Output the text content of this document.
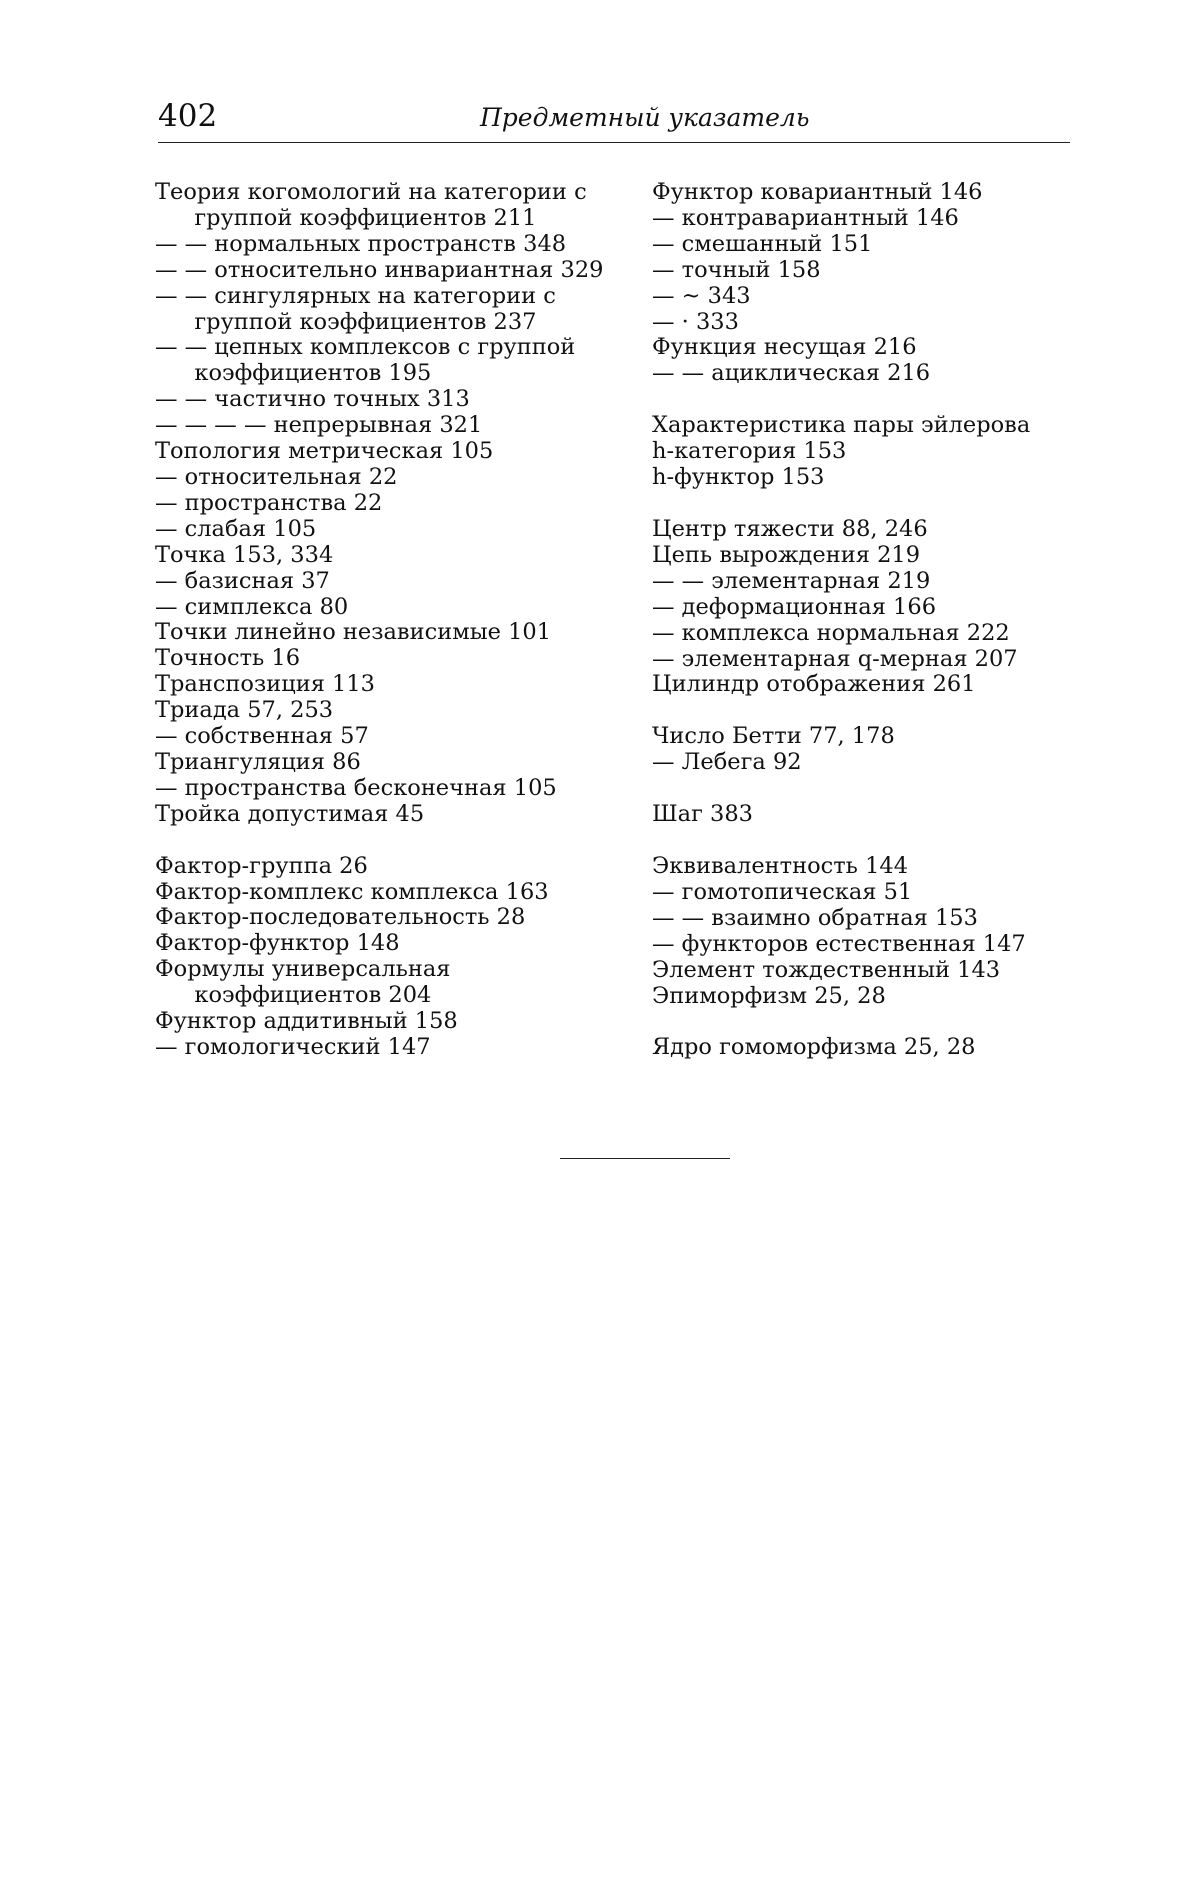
402	Предметный указатель
Теория когомологий на категории с группой коэффициентов 211
— — нормальных пространств 348
— — относительно инвариантная 329
— — сингулярных на категории с группой коэффициентов 237
— — цепных комплексов с группой коэффициентов 195
— — частично точных 313
— — — — непрерывная 321
Топология метрическая 105
— относительная 22
— пространства 22
— слабая 105
Точка 153, 334
— базисная 37
— симплекса 80
Точки линейно независимые 101
Точность 16
Транспозиция 113
Триада 57, 253
— собственная 57
Триангуляция 86
— пространства бесконечная 105
Тройка допустимая 45
Фактор-группа 26
Фактор-комплекс комплекса 163
Фактор-последовательность 28
Фактор-функтор 148
Формулы универсальная коэффициентов 204
Функтор аддитивный 158
— гомологический 147
Функтор ковариантный 146
— контравариантный 146
— смешанный 151
— точный 158
— ~ 343
— · 333
Функция несущая 216
— — ациклическая 216
Характеристика пары эйлерова
h-категория 153
h-функтор 153
Центр тяжести 88, 246
Цепь вырождения 219
— — элементарная 219
— деформационная 166
— комплекса нормальная 222
— элементарная q-мерная 207
Цилиндр отображения 261
Число Бетти 77, 178
— Лебега 92
Шаг 383
Эквивалентность 144
— гомотопическая 51
— — взаимно обратная 153
— функторов естественная 147
Элемент тождественный 143
Эпиморфизм 25, 28
Ядро гомоморфизма 25, 28
